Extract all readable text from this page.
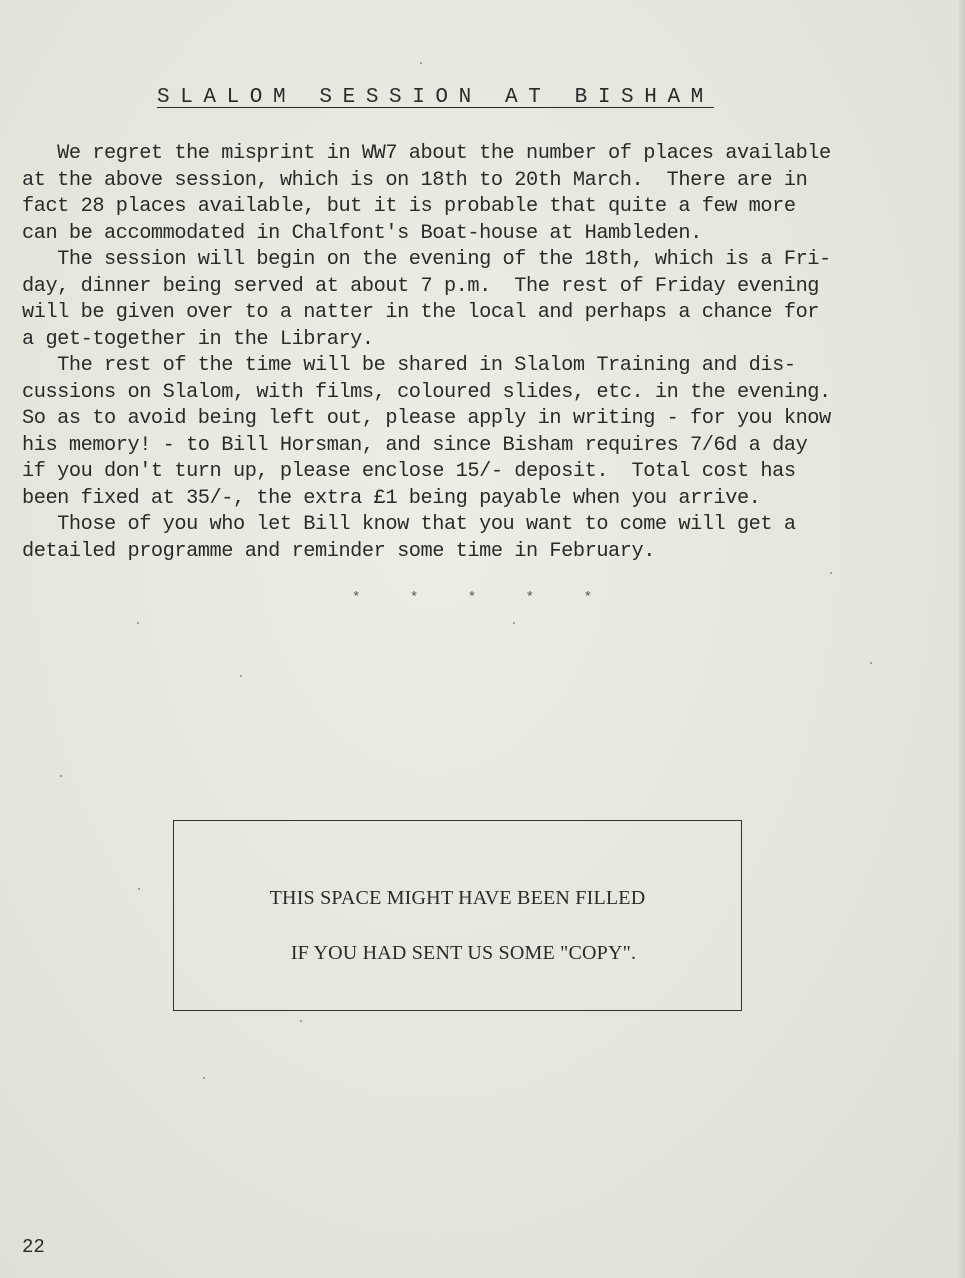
SLALOM SESSION AT BISHAM
We regret the misprint in WW7 about the number of places available
at the above session, which is on 18th to 20th March.  There are in
fact 28 places available, but it is probable that quite a few more
can be accommodated in Chalfont's Boat-house at Hambleden.
The session will begin on the evening of the 18th, which is a Fri-
day, dinner being served at about 7 p.m.  The rest of Friday evening
will be given over to a natter in the local and perhaps a chance for
a get-together in the Library.
The rest of the time will be shared in Slalom Training and dis-
cussions on Slalom, with films, coloured slides, etc. in the evening.
So as to avoid being left out, please apply in writing - for you know
his memory! - to Bill Horsman, and since Bisham requires 7/6d a day
if you don't turn up, please enclose 15/- deposit.  Total cost has
been fixed at 35/-, the extra £1 being payable when you arrive.
Those of you who let Bill know that you want to come will get a
detailed programme and reminder some time in February.
*	*	*	*	*
THIS SPACE MIGHT HAVE BEEN FILLED
IF YOU HAD SENT US SOME "COPY".
22
